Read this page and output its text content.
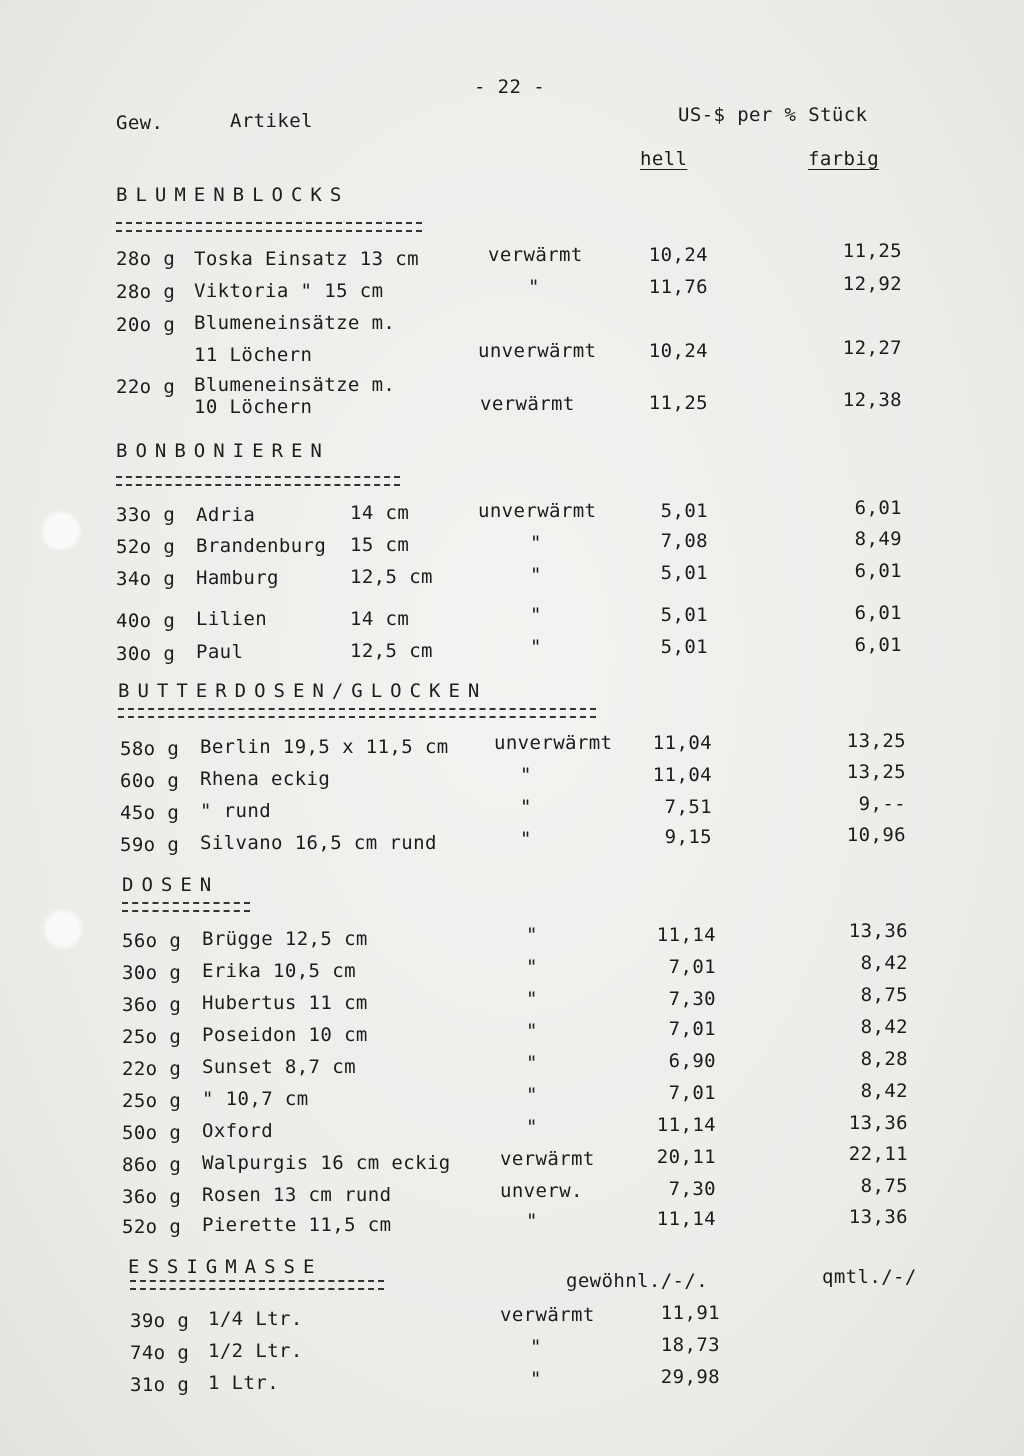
- 22 -
Gew.	Artikel	US-$ per % Stück
hell	farbig
BLUMENBLOCKS
28o g Toska Einsatz 13 cm	verwärmt	10,24	11,25
28o g Viktoria " 15 cm	"	11,76	12,92
20o g Blumeneinsätze m.
11 Löchern	unverwärmt	10,24	12,27
22o g Blumeneinsätze m.
10 Löchern	verwärmt	11,25	12,38
BONBONIEREN
33o g Adria	14 cm	unverwärmt	5,01	6,01
52o g Brandenburg 15 cm	"	7,08	8,49
34o g Hamburg	12,5 cm	"	5,01	6,01
40o g Lilien	14 cm	"	5,01	6,01
30o g Paul	12,5 cm	"	5,01	6,01
BUTTERDOSEN/GLOCKEN
58o g Berlin 19,5 x 11,5 cm unverwärmt	11,04	13,25
60o g Rhena eckig	"	11,04	13,25
45o g " rund	"	7,51	9,--
59o g Silvano 16,5 cm rund	"	9,15	10,96
DOSEN
56o g Brügge 12,5 cm	"	11,14	13,36
30o g Erika 10,5 cm	"	7,01	8,42
36o g Hubertus 11 cm	"	7,30	8,75
25o g Poseidon 10 cm	"	7,01	8,42
22o g Sunset 8,7 cm	"	6,90	8,28
25o g " 10,7 cm	"	7,01	8,42
50o g Oxford	"	11,14	13,36
86o g Walpurgis 16 cm eckig	verwärmt	20,11	22,11
36o g Rosen 13 cm rund	unverw.	7,30	8,75
52o g Pierette 11,5 cm	"	11,14	13,36
ESSIGMASSE
gewöhnl./-/.	qmtl./-/
39o g 1/4 Ltr.	verwärmt	11,91
74o g 1/2 Ltr.	"	18,73
31o g 1 Ltr.	"	29,98
